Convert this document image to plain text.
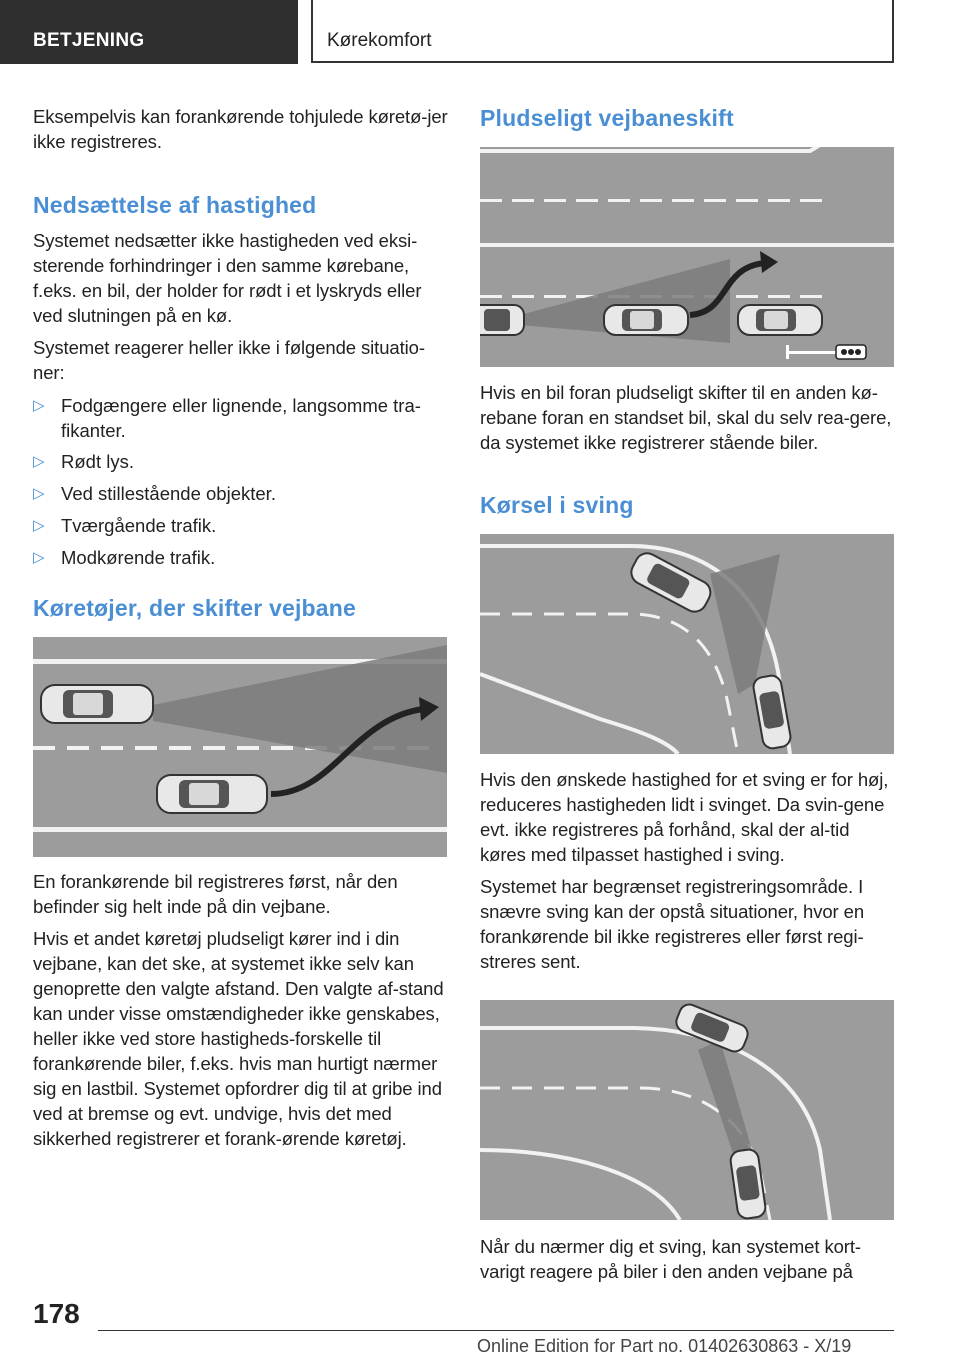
BETJENING	Kørekomfort

Eksempelvis kan forankørende tohjulede køretø-jer ikke registreres.

Nedsættelse af hastighed

Systemet nedsætter ikke hastigheden ved eksi-sterende forhindringer i den samme kørebane, f.eks. en bil, der holder for rødt i et lyskryds eller ved slutningen på en kø.

Systemet reagerer heller ikke i følgende situatio-ner:

▷ Fodgængere eller lignende, langsomme tra-fikanter.
▷ Rødt lys.
▷ Ved stillestående objekter.
▷ Tværgående trafik.
▷ Modkørende trafik.
Køretøjer, der skifter vejbane

En forankørende bil registreres først, når den befinder sig helt inde på din vejbane.

Hvis et andet køretøj pludseligt kører ind i din vejbane, kan det ske, at systemet ikke selv kan genoprette den valgte afstand. Den valgte af-stand kan under visse omstændigheder ikke genskabes, heller ikke ved store hastigheds-forskelle til forankørende biler, f.eks. hvis man hurtigt nærmer sig en lastbil. Systemet opfordrer dig til at gribe ind ved at bremse og evt. undvige, hvis det med sikkerhed registrerer et forank-ørende køretøj.

Pludseligt vejbaneskift

Hvis en bil foran pludseligt skifter til en anden kø-rebane foran en standset bil, skal du selv rea-gere, da systemet ikke registrerer stående biler.

Kørsel i sving

Hvis den ønskede hastighed for et sving er for høj, reduceres hastigheden lidt i svinget. Da svin-gene evt. ikke registreres på forhånd, skal der al-tid køres med tilpasset hastighed i sving.

Systemet har begrænset registreringsområde. I snævre sving kan der opstå situationer, hvor en forankørende bil ikke registreres eller først regi-streres sent.

Når du nærmer dig et sving, kan systemet kort-varigt reagere på biler i den anden vejbane på

178
Online Edition for Part no. 01402630863 - X/19
